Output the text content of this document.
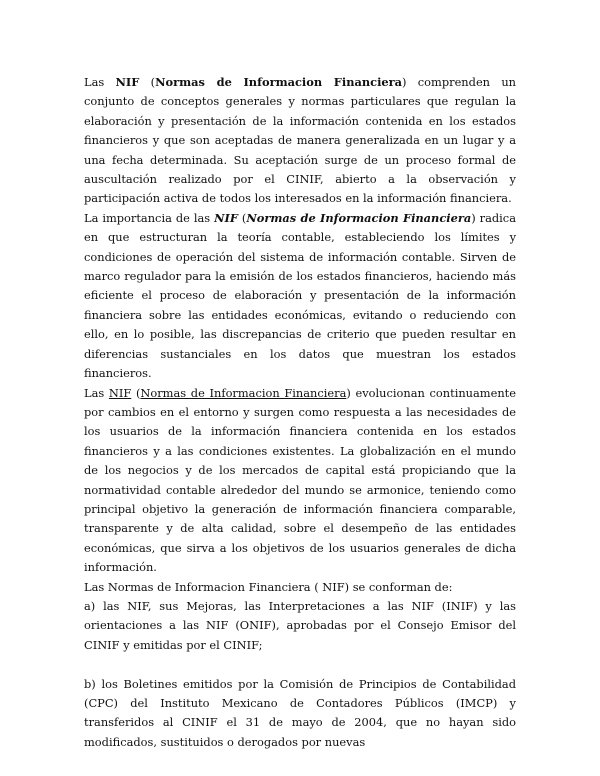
Las NIF (Normas de Informacion Financiera) comprenden un conjunto de conceptos generales y normas particulares que regulan la elaboración y presentación de la información contenida en los estados financieros y que son aceptadas de manera generalizada en un lugar y a una fecha determinada. Su aceptación surge de un proceso formal de auscultación realizado por el CINIF, abierto a la observación y participación activa de todos los interesados en la información financiera.

La importancia de las NIF (Normas de Informacion Financiera) radica en que estructuran la teoría contable, estableciendo los límites y condiciones de operación del sistema de información contable. Sirven de marco regulador para la emisión de los estados financieros, haciendo más eficiente el proceso de elaboración y presentación de la información financiera sobre las entidades económicas, evitando o reduciendo con ello, en lo posible, las discrepancias de criterio que pueden resultar en diferencias sustanciales en los datos que muestran los estados financieros.

Las NIF (Normas de Informacion Financiera) evolucionan continuamente por cambios en el entorno y surgen como respuesta a las necesidades de los usuarios de la información financiera contenida en los estados financieros y a las condiciones existentes. La globalización en el mundo de los negocios y de los mercados de capital está propiciando que la normatividad contable alrededor del mundo se armonice, teniendo como principal objetivo la generación de información financiera comparable, transparente y de alta calidad, sobre el desempeño de las entidades económicas, que sirva a los objetivos de los usuarios generales de dicha información.

Las Normas de Informacion Financiera ( NIF) se conforman de:

a) las NIF, sus Mejoras, las Interpretaciones a las NIF (INIF) y las orientaciones a las NIF (ONIF), aprobadas por el Consejo Emisor del CINIF y emitidas por el CINIF;

b) los Boletines emitidos por la Comisión de Principios de Contabilidad (CPC) del Instituto Mexicano de Contadores Públicos (IMCP) y transferidos al CINIF el 31 de mayo de 2004, que no hayan sido modificados, sustituidos o derogados por nuevas
